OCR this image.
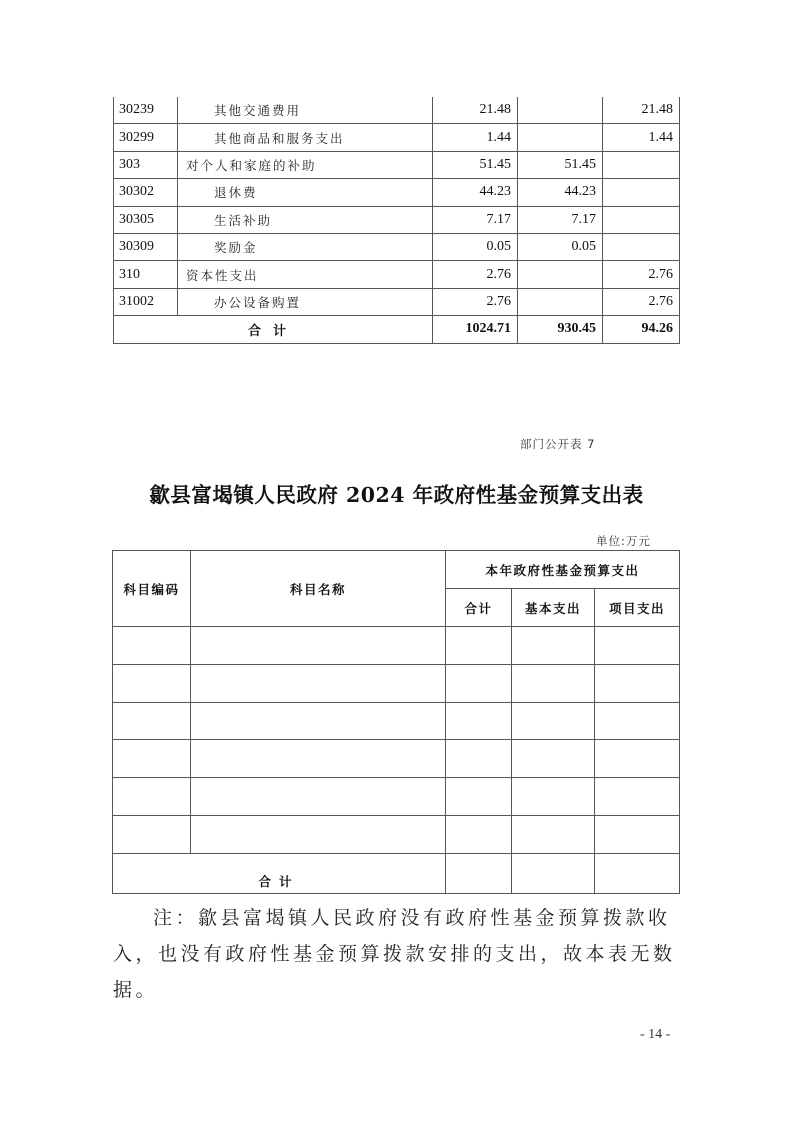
30239	其他交通费用	21.48		21.48
30299	其他商品和服务支出	1.44		1.44
303	对个人和家庭的补助	51.45	51.45	
30302	退休费	44.23	44.23	
30305	生活补助	7.17	7.17	
30309	奖励金	0.05	0.05	
310	资本性支出	2.76		2.76
31002	办公设备购置	2.76		2.76
合计		1024.71	930.45	94.26
部门公开表 7
歙县富堨镇人民政府 2024 年政府性基金预算支出表
单位:万元
科目编码	科目名称	本年政府性基金预算支出		
		合计	基本支出	项目支出

合计				
注：歙县富堨镇人民政府没有政府性基金预算拨款收入，也没有政府性基金预算拨款安排的支出，故本表无数据。
- 14 -
